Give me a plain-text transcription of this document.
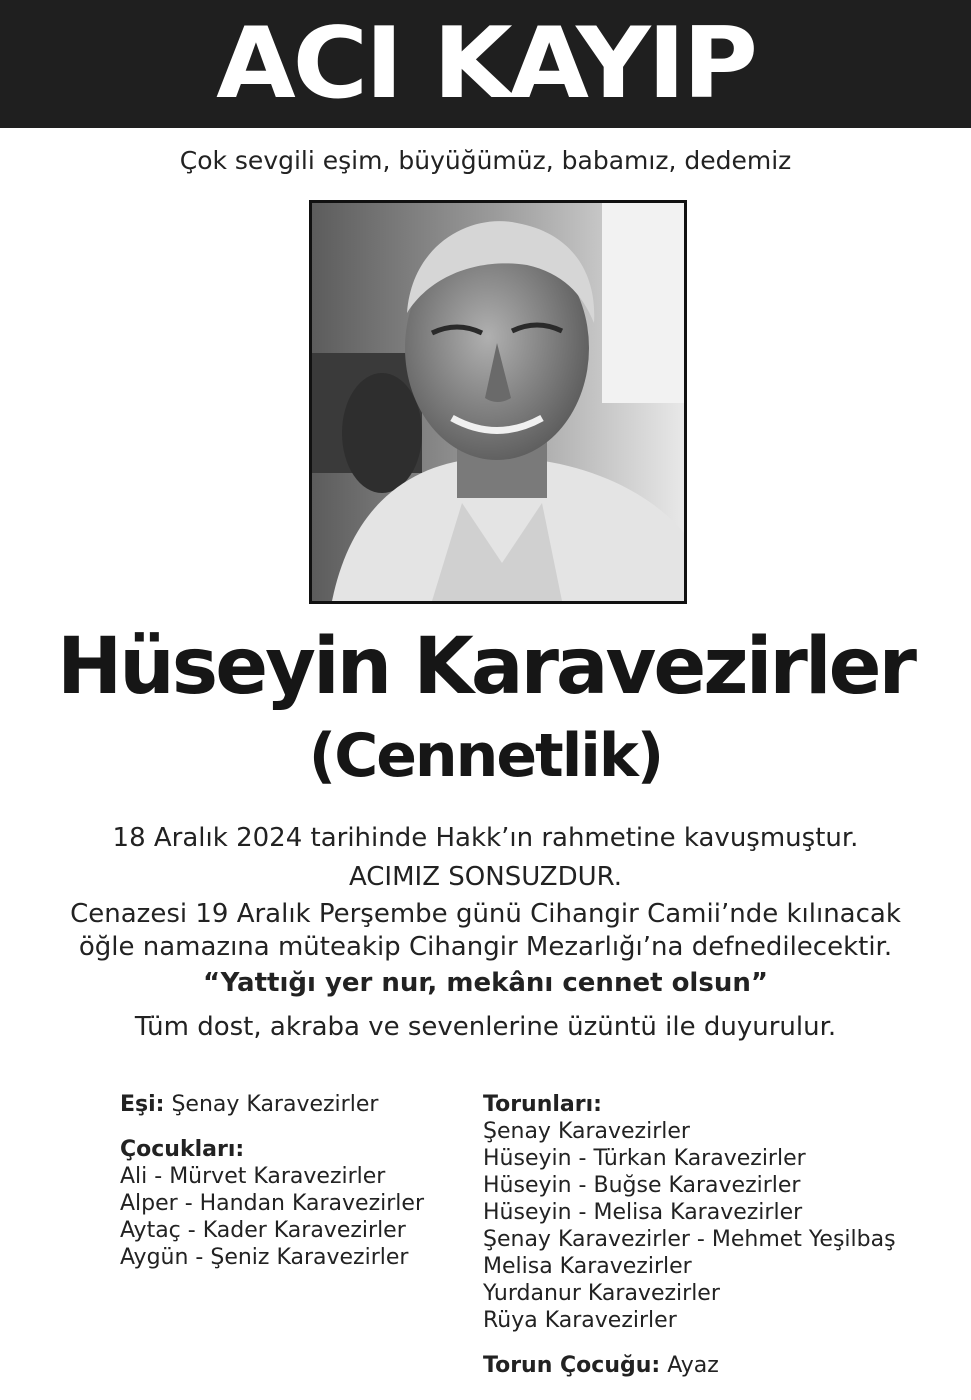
ACI KAYIP
Çok sevgili eşim, büyüğümüz, babamız, dedemiz
Hüseyin Karavezirler
(Cennetlik)
18 Aralık 2024 tarihinde Hakk’ın rahmetine kavuşmuştur.
ACIMIZ SONSUZDUR.
Cenazesi 19 Aralık Perşembe günü Cihangir Camii’nde kılınacak
öğle namazına müteakip Cihangir Mezarlığı’na defnedilecektir.
“Yattığı yer nur, mekânı cennet olsun”
Tüm dost, akraba ve sevenlerine üzüntü ile duyurulur.
Eşi: Şenay Karavezirler
Çocukları:
Ali - Mürvet Karavezirler
Alper - Handan Karavezirler
Aytaç - Kader Karavezirler
Aygün - Şeniz Karavezirler
Torunları:
Şenay Karavezirler
Hüseyin - Türkan Karavezirler
Hüseyin - Buğse Karavezirler
Hüseyin - Melisa Karavezirler
Şenay Karavezirler - Mehmet Yeşilbaş
Melisa Karavezirler
Yurdanur Karavezirler
Rüya Karavezirler
Torun Çocuğu: Ayaz
